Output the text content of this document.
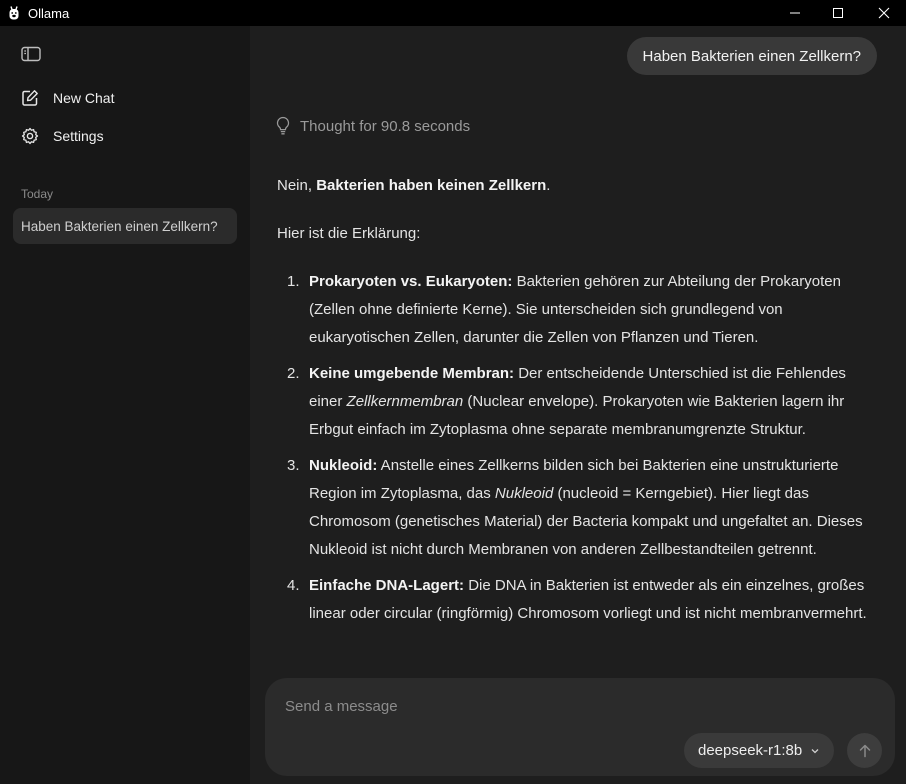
Ollama
New Chat
Settings
Today
Haben Bakterien einen Zellkern?
Haben Bakterien einen Zellkern?
Thought for 90.8 seconds

Nein, Bakterien haben keinen Zellkern.

Hier ist die Erklärung:

1. Prokaryoten vs. Eukaryoten: Bakterien gehören zur Abteilung der Prokaryoten (Zellen ohne definierte Kerne). Sie unterscheiden sich grundlegend von eukaryotischen Zellen, darunter die Zellen von Pflanzen und Tieren.
2. Keine umgebende Membran: Der entscheidende Unterschied ist die Fehlendes einer Zellkernmembran (Nuclear envelope). Prokaryoten wie Bakterien lagern ihr Erbgut einfach im Zytoplasma ohne separate membranumgrenzte Struktur.
3. Nukleoid: Anstelle eines Zellkerns bilden sich bei Bakterien eine unstrukturierte Region im Zytoplasma, das Nukleoid (nucleoid = Kerngebiet). Hier liegt das Chromosom (genetisches Material) der Bacteria kompakt und ungefaltet an. Dieses Nukleoid ist nicht durch Membranen von anderen Zellbestandteilen getrennt.
4. Einfache DNA-Lagert: Die DNA in Bakterien ist entweder als ein einzelnes, großes linear oder circular (ringförmig) Chromosom vorliegt und ist nicht membranvermehrt.
Send a message
deepseek-r1:8b
